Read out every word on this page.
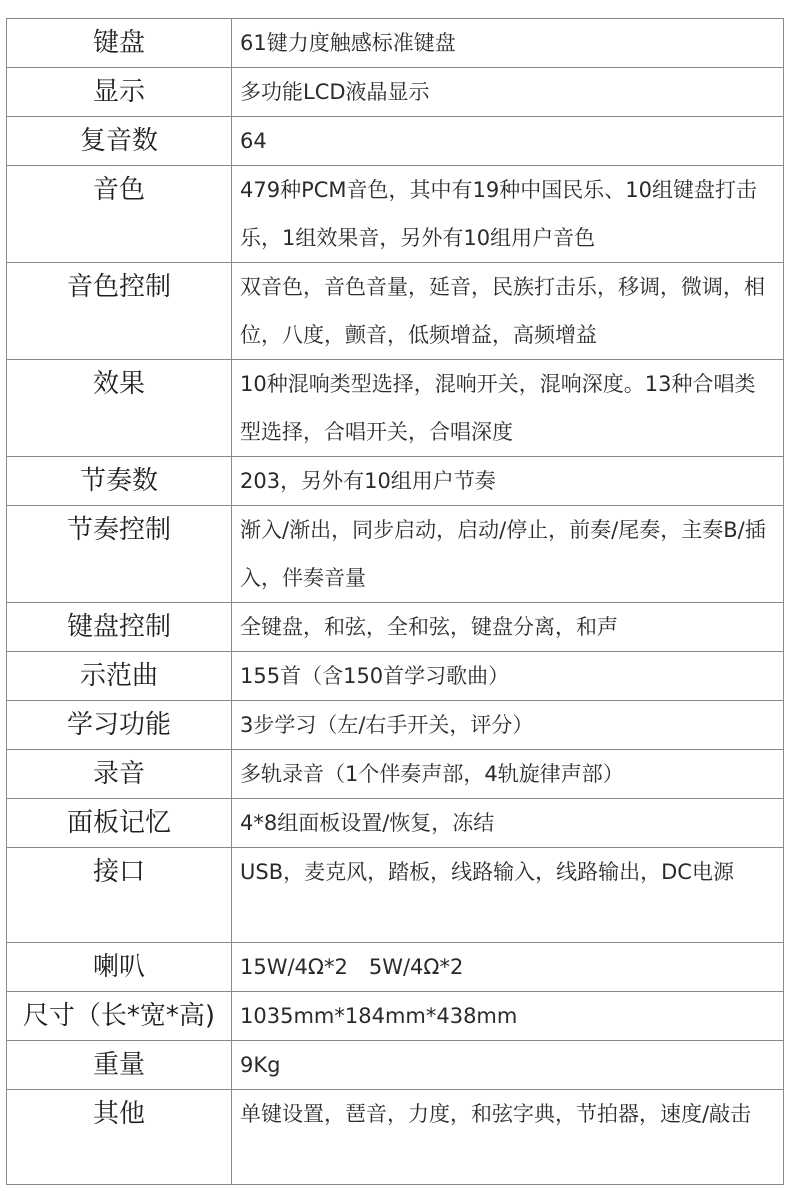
键盘	61键力度触感标准键盘

显示	多功能LCD液晶显示

复音数	64

音色	479种PCM音色，其中有19种中国民乐、10组键盘打击乐，1组效果音，另外有10组用户音色

音色控制	双音色，音色音量，延音，民族打击乐，移调，微调，相位，八度，颤音，低频增益，高频增益

效果	10种混响类型选择，混响开关，混响深度。13种合唱类型选择，合唱开关，合唱深度

节奏数	203，另外有10组用户节奏

节奏控制	渐入/渐出，同步启动，启动/停止，前奏/尾奏，主奏B/插入，伴奏音量

键盘控制	全键盘，和弦，全和弦，键盘分离，和声

示范曲	155首（含150首学习歌曲）

学习功能	3步学习（左/右手开关，评分）

录音	多轨录音（1个伴奏声部，4轨旋律声部）

面板记忆	4*8组面板设置/恢复，冻结

接口	USB，麦克风，踏板，线路输入，线路输出，DC电源

喇叭	15W/4Ω*2　5W/4Ω*2

尺寸（长*宽*高)	1035mm*184mm*438mm

重量	9Kg

其他	单键设置，琶音，力度，和弦字典，节拍器，速度/敲击
